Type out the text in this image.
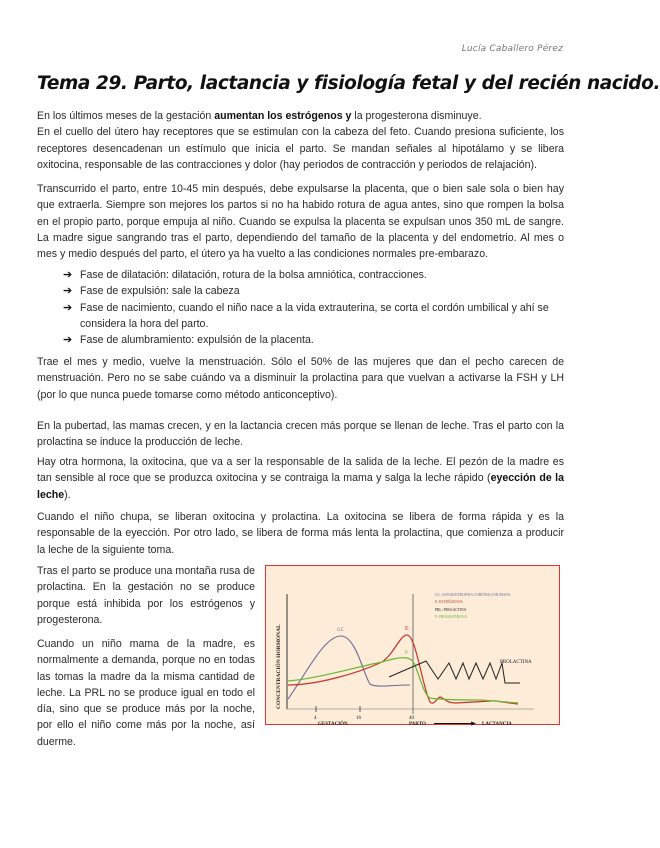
Lucía Caballero Pérez
Tema 29. Parto, lactancia y fisiología fetal y del recién nacido.

En los últimos meses de la gestación aumentan los estrógenos y la progesterona disminuye.
En el cuello del útero hay receptores que se estimulan con la cabeza del feto. Cuando presiona suficiente, los receptores desencadenan un estímulo que inicia el parto. Se mandan señales al hipotálamo y se libera oxitocina, responsable de las contracciones y dolor (hay periodos de contracción y periodos de relajación).

Transcurrido el parto, entre 10-45 min después, debe expulsarse la placenta, que o bien sale sola o bien hay que extraerla. Siempre son mejores los partos si no ha habido rotura de agua antes, sino que rompen la bolsa en el propio parto, porque empuja al niño. Cuando se expulsa la placenta se expulsan unos 350 mL de sangre. La madre sigue sangrando tras el parto, dependiendo del tamaño de la placenta y del endometrio. Al mes o mes y medio después del parto, el útero ya ha vuelto a las condiciones normales pre-embarazo.

➔ Fase de dilatación: dilatación, rotura de la bolsa amniótica, contracciones.
➔ Fase de expulsión: sale la cabeza
➔ Fase de nacimiento, cuando el niño nace a la vida extrauterina, se corta el cordón umbilical y ahí se considera la hora del parto.
➔ Fase de alumbramiento: expulsión de la placenta.

Trae el mes y medio, vuelve la menstruación. Sólo el 50% de las mujeres que dan el pecho carecen de menstruación. Pero no se sabe cuándo va a disminuir la prolactina para que vuelvan a activarse la FSH y LH (por lo que nunca puede tomarse como método anticonceptivo).

En la pubertad, las mamas crecen, y en la lactancia crecen más porque se llenan de leche. Tras el parto con la prolactina se induce la producción de leche.

Hay otra hormona, la oxitocina, que va a ser la responsable de la salida de la leche. El pezón de la madre es tan sensible al roce que se produzca oxitocina y se contraiga la mama y salga la leche rápido (eyección de la leche).

Cuando el niño chupa, se liberan oxitocina y prolactina. La oxitocina se libera de forma rápida y es la responsable de la eyección. Por otro lado, se libera de forma más lenta la prolactina, que comienza a producir la leche de la siguiente toma.

Tras el parto se produce una montaña rusa de prolactina. En la gestación no se produce porque está inhibida por los estrógenos y progesterona.

Cuando un niño mama de la madre, es normalmente a demanda, porque no en todas las tomas la madre da la misma cantidad de leche. La PRL no se produce igual en todo el día, sino que se produce más por la noche, por ello el niño come más por la noche, así duerme.

GC	E
P
PROLACTINA
GC: GONADOTROPINA CORIÓNICA HUMANA
E: ESTRÓGENOS
PRL: PROLACTINA
P: PROGESTERONA
4	16	40
GESTACIÓN	PARTO	LACTANCIA
CONCENTRACIÓN HORMONAL
